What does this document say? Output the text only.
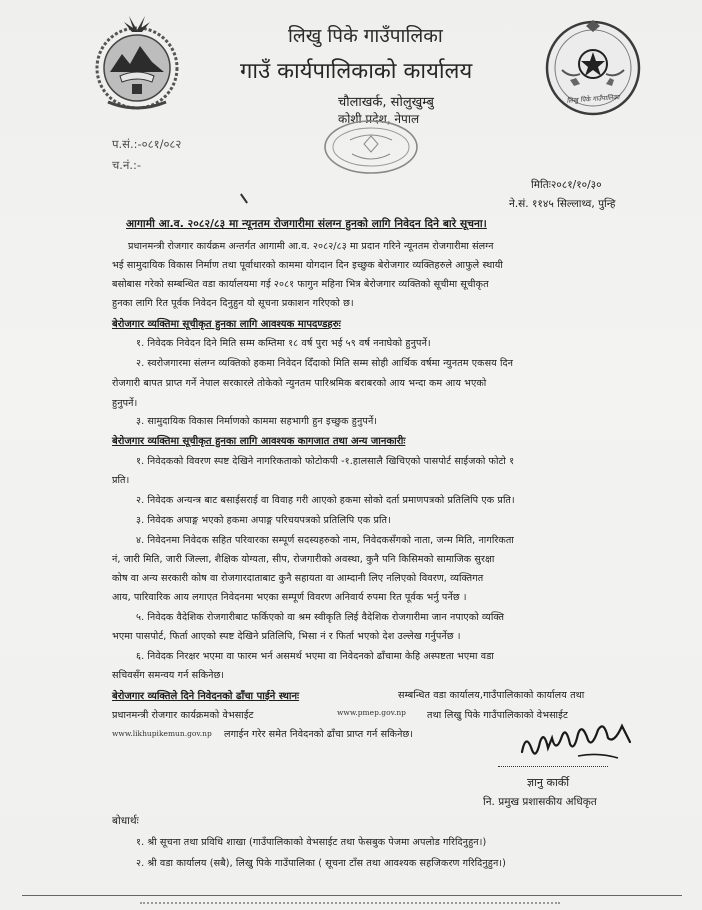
लिखु पिके गाउँपालिका
लिखु पिके गाउँपालिका
गाउँ कार्यपालिकाको कार्यालय
चौलाखर्क, सोलुखुम्बु
कोशी प्रदेश, नेपाल
प.सं.:-०८१/०८२
च.नं.:-
मितिः२०८१/१०/३०
ने.सं. ११४५ सिल्लाथ्व, पुन्हि
आगामी आ.व. २०८२/८३ मा न्यूनतम रोजगारीमा संलग्न हुनको लागि निवेदन दिने बारे सूचना।
प्रधानमन्त्री रोजगार कार्यक्रम अन्तर्गत आगामी आ.व. २०८२/८३ मा प्रदान गरिने न्यूनतम रोजगारीमा संलग्न
भई सामुदायिक विकास निर्माण तथा पूर्वाधारको काममा योगदान दिन इच्छुक बेरोजगार व्यक्तिहरुले आफुले स्थायी
बसोबास गरेको सम्बन्धित वडा कार्यालयमा गई २०८१ फागुन महिना भित्र बेरोजगार व्यक्तिको सूचीमा सूचीकृत
हुनका लागि रित पूर्वक निवेदन दिनुहुन यो सूचना प्रकाशन गरिएको छ।
बेरोजगार व्यक्तिमा सूचीकृत हुनका लागि आवश्यक मापदण्डहरुः
१. निवेदक निवेदन दिने मिति सम्म कम्तिमा १८ वर्ष पुरा भई ५९ वर्ष ननाघेको हुनुपर्ने।
२. स्वरोजगारमा संलग्न व्यक्तिको हकमा निवेदन दिँदाको मिति सम्म सोही आर्थिक वर्षमा न्युनतम एकसय दिन
रोजगारी बापत प्राप्त गर्ने नेपाल सरकारले तोकेको न्युनतम पारिश्रमिक बराबरको आय भन्दा कम आय भएको
हुनुपर्ने।
३. सामुदायिक विकास निर्माणको काममा सहभागी हुन इच्छुक हुनुपर्ने।
बेरोजगार व्यक्तिमा सूचीकृत हुनका लागि आवश्यक कागजात तथा अन्य जानकारीः
१. निवेदकको विवरण स्पष्ट देखिने नागरिकताको फोटोकपी -१.हालसालै खिचिएको पासपोर्ट साईजको फोटो १
प्रति।
२. निवेदक अन्यन्त्र बाट बसाईसराई वा विवाह गरी आएको हकमा सोको दर्ता प्रमाणपत्रको प्रतिलिपि एक प्रति।
३. निवेदक अपाङ्ग भएको हकमा अपाङ्ग परिचयपत्रको प्रतिलिपि एक प्रति।
४. निवेदनमा निवेदक सहित परिवारका सम्पूर्ण सदस्यहरुको नाम, निवेदकसँगको नाता, जन्म मिति, नागरिकता
नं, जारी मिति, जारी जिल्ला, शैक्षिक योग्यता, सीप, रोजगारीको अवस्था, कुनै पनि किसिमको सामाजिक सुरक्षा
कोष वा अन्य सरकारी कोष वा रोजगारदाताबाट कुनै सहायता वा आम्दानी लिए नलिएको विवरण, व्यक्तिगत
आय, पारिवारिक आय लगाएत निवेदनमा भएका सम्पूर्ण विवरण अनिवार्य रुपमा रित पूर्वक भर्नु पर्नेछ ।
५. निवेदक वैदेशिक रोजगारीबाट फर्किएको वा श्रम स्वीकृति लिई वैदेशिक रोजगारीमा जान नपाएको व्यक्ति
भएमा पासपोर्ट, फिर्ता आएको स्पष्ट देखिने प्रतिलिपि, भिसा नं र फिर्ता भएको देश उल्लेख गर्नुपर्नेछ ।
६. निवेदक निरक्षर भएमा वा फारम भर्न असमर्थ भएमा वा निवेदनको ढाँचामा केहि अस्पष्टता भएमा वडा
सचिवसँग समन्वय गर्न सकिनेछ।
बेरोजगार व्यक्तिले दिने निवेदनको ढाँचा पाईने स्थानः	सम्बन्धित वडा कार्यालय,गाउँपालिकाको कार्यालय तथा
प्रधानमन्त्री रोजगार कार्यक्रमको वेभसाईट	www.pmep.gov.np तथा लिखु पिके गाउँपालिकाको वेभसाईट
www.likhupikemun.gov.np लगाईन गरेर समेत निवेदनको ढाँचा प्राप्त गर्न सकिनेछ।
ज्ञानु कार्की
नि. प्रमुख प्रशासकीय अधिकृत
बोधार्थः
१. श्री सूचना तथा प्रविधि शाखा (गाउँपालिकाको वेभसाईट तथा फेसबुक पेजमा अपलोड गरिदिनुहुन।)
२. श्री वडा कार्यालय (सबै), लिखु पिके गाउँपालिका ( सूचना टाँस तथा आवश्यक सहजिकरण गरिदिनुहुन।)
